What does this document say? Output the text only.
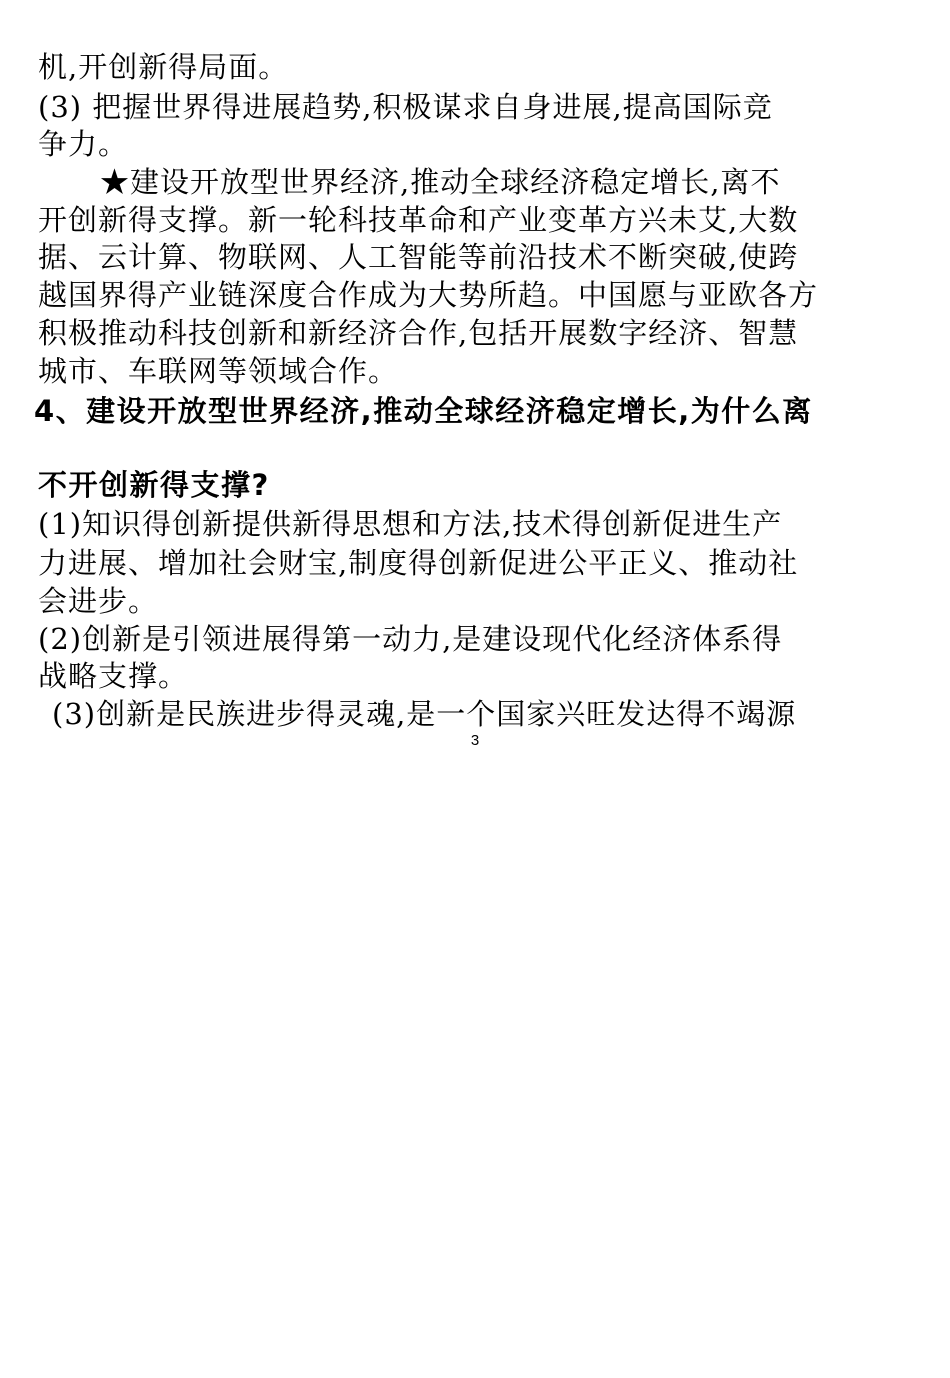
机,开创新得局面。
(3) 把握世界得进展趋势,积极谋求自身进展,提高国际竞
争力。
★建设开放型世界经济,推动全球经济稳定增长,离不
开创新得支撑。新一轮科技革命和产业变革方兴未艾,大数
据、云计算、物联网、人工智能等前沿技术不断突破,使跨
越国界得产业链深度合作成为大势所趋。中国愿与亚欧各方
积极推动科技创新和新经济合作,包括开展数字经济、智慧
城市、车联网等领域合作。
4、建设开放型世界经济,推动全球经济稳定增长,为什么离
不开创新得支撑?
(1)知识得创新提供新得思想和方法,技术得创新促进生产
力进展、增加社会财宝,制度得创新促进公平正义、推动社
会进步。
(2)创新是引领进展得第一动力,是建设现代化经济体系得
战略支撑。
(3)创新是民族进步得灵魂,是一个国家兴旺发达得不竭源
3
